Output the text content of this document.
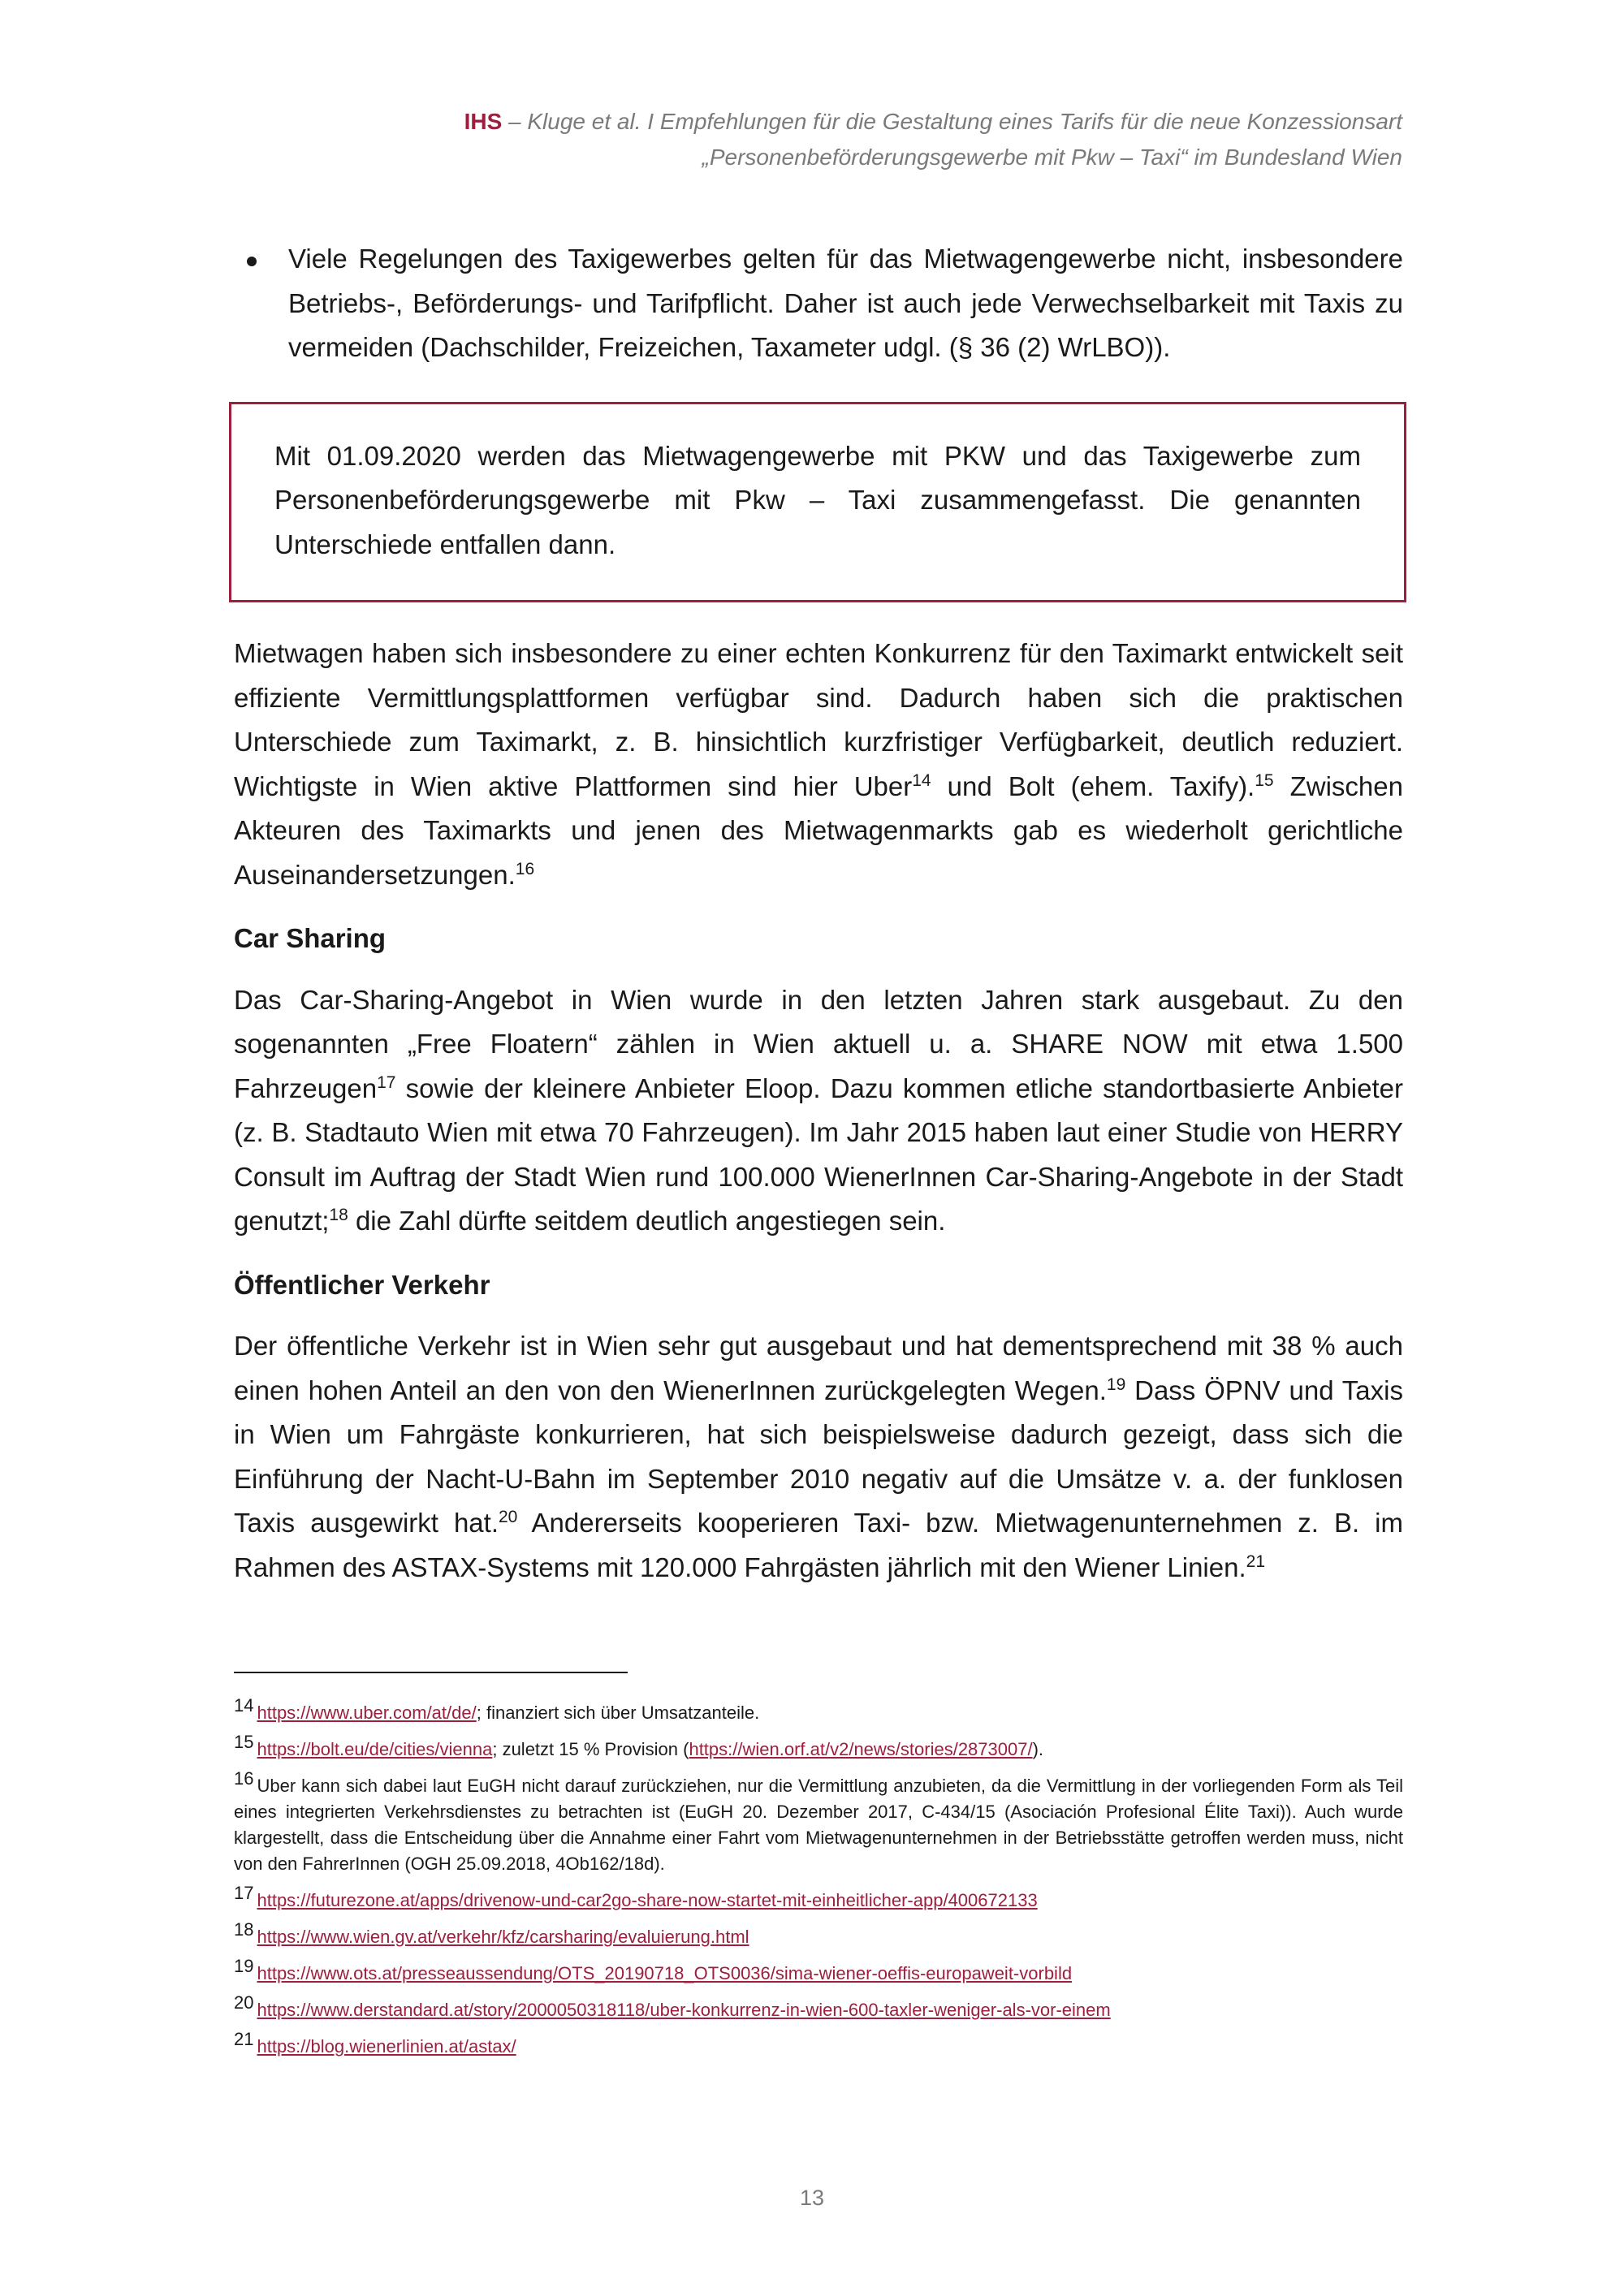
IHS – Kluge et al. I Empfehlungen für die Gestaltung eines Tarifs für die neue Konzessionsart
„Personenbeförderungsgewerbe mit Pkw – Taxi“ im Bundesland Wien

Viele Regelungen des Taxigewerbes gelten für das Mietwagengewerbe nicht, insbesondere Betriebs-, Beförderungs- und Tarifpflicht. Daher ist auch jede Verwechselbarkeit mit Taxis zu vermeiden (Dachschilder, Freizeichen, Taxameter udgl. (§ 36 (2) WrLBO)).

Mit 01.09.2020 werden das Mietwagengewerbe mit PKW und das Taxigewerbe zum Personenbeförderungsgewerbe mit Pkw – Taxi zusammengefasst. Die genannten Unterschiede entfallen dann.

Mietwagen haben sich insbesondere zu einer echten Konkurrenz für den Taximarkt entwickelt seit effiziente Vermittlungsplattformen verfügbar sind. Dadurch haben sich die praktischen Unterschiede zum Taximarkt, z. B. hinsichtlich kurzfristiger Verfügbarkeit, deutlich reduziert. Wichtigste in Wien aktive Plattformen sind hier Uber$^{14}$ und Bolt (ehem. Taxify).$^{15}$ Zwischen Akteuren des Taximarkts und jenen des Mietwagenmarkts gab es wiederholt gerichtliche Auseinandersetzungen.$^{16}$

Car Sharing

Das Car-Sharing-Angebot in Wien wurde in den letzten Jahren stark ausgebaut. Zu den sogenannten „Free Floatern“ zählen in Wien aktuell u. a. SHARE NOW mit etwa 1.500 Fahrzeugen$^{17}$ sowie der kleinere Anbieter Eloop. Dazu kommen etliche standortbasierte Anbieter (z. B. Stadtauto Wien mit etwa 70 Fahrzeugen). Im Jahr 2015 haben laut einer Studie von HERRY Consult im Auftrag der Stadt Wien rund 100.000 WienerInnen Car-Sharing-Angebote in der Stadt genutzt;$^{18}$ die Zahl dürfte seitdem deutlich angestiegen sein.

Öffentlicher Verkehr

Der öffentliche Verkehr ist in Wien sehr gut ausgebaut und hat dementsprechend mit 38 % auch einen hohen Anteil an den von den WienerInnen zurückgelegten Wegen.$^{19}$ Dass ÖPNV und Taxis in Wien um Fahrgäste konkurrieren, hat sich beispielsweise dadurch gezeigt, dass sich die Einführung der Nacht-U-Bahn im September 2010 negativ auf die Umsätze v. a. der funklosen Taxis ausgewirkt hat.$^{20}$ Andererseits kooperieren Taxi- bzw. Mietwagenunternehmen z. B. im Rahmen des ASTAX-Systems mit 120.000 Fahrgästen jährlich mit den Wiener Linien.$^{21}$

$^{14}$ https://www.uber.com/at/de/; finanziert sich über Umsatzanteile.

$^{15}$ https://bolt.eu/de/cities/vienna; zuletzt 15 % Provision (https://wien.orf.at/v2/news/stories/2873007/).

$^{16}$ Uber kann sich dabei laut EuGH nicht darauf zurückziehen, nur die Vermittlung anzubieten, da die Vermittlung in der vorliegenden Form als Teil eines integrierten Verkehrsdienstes zu betrachten ist (EuGH 20. Dezember 2017, C-434/15 (Asociación Profesional Élite Taxi)). Auch wurde klargestellt, dass die Entscheidung über die Annahme einer Fahrt vom Mietwagenunternehmen in der Betriebsstätte getroffen werden muss, nicht von den FahrerInnen (OGH 25.09.2018, 4Ob162/18d).

$^{17}$ https://futurezone.at/apps/drivenow-und-car2go-share-now-startet-mit-einheitlicher-app/400672133

$^{18}$ https://www.wien.gv.at/verkehr/kfz/carsharing/evaluierung.html

$^{19}$ https://www.ots.at/presseaussendung/OTS_20190718_OTS0036/sima-wiener-oeffis-europaweit-vorbild

$^{20}$ https://www.derstandard.at/story/2000050318118/uber-konkurrenz-in-wien-600-taxler-weniger-als-vor-einem

$^{21}$ https://blog.wienerlinien.at/astax/

13
